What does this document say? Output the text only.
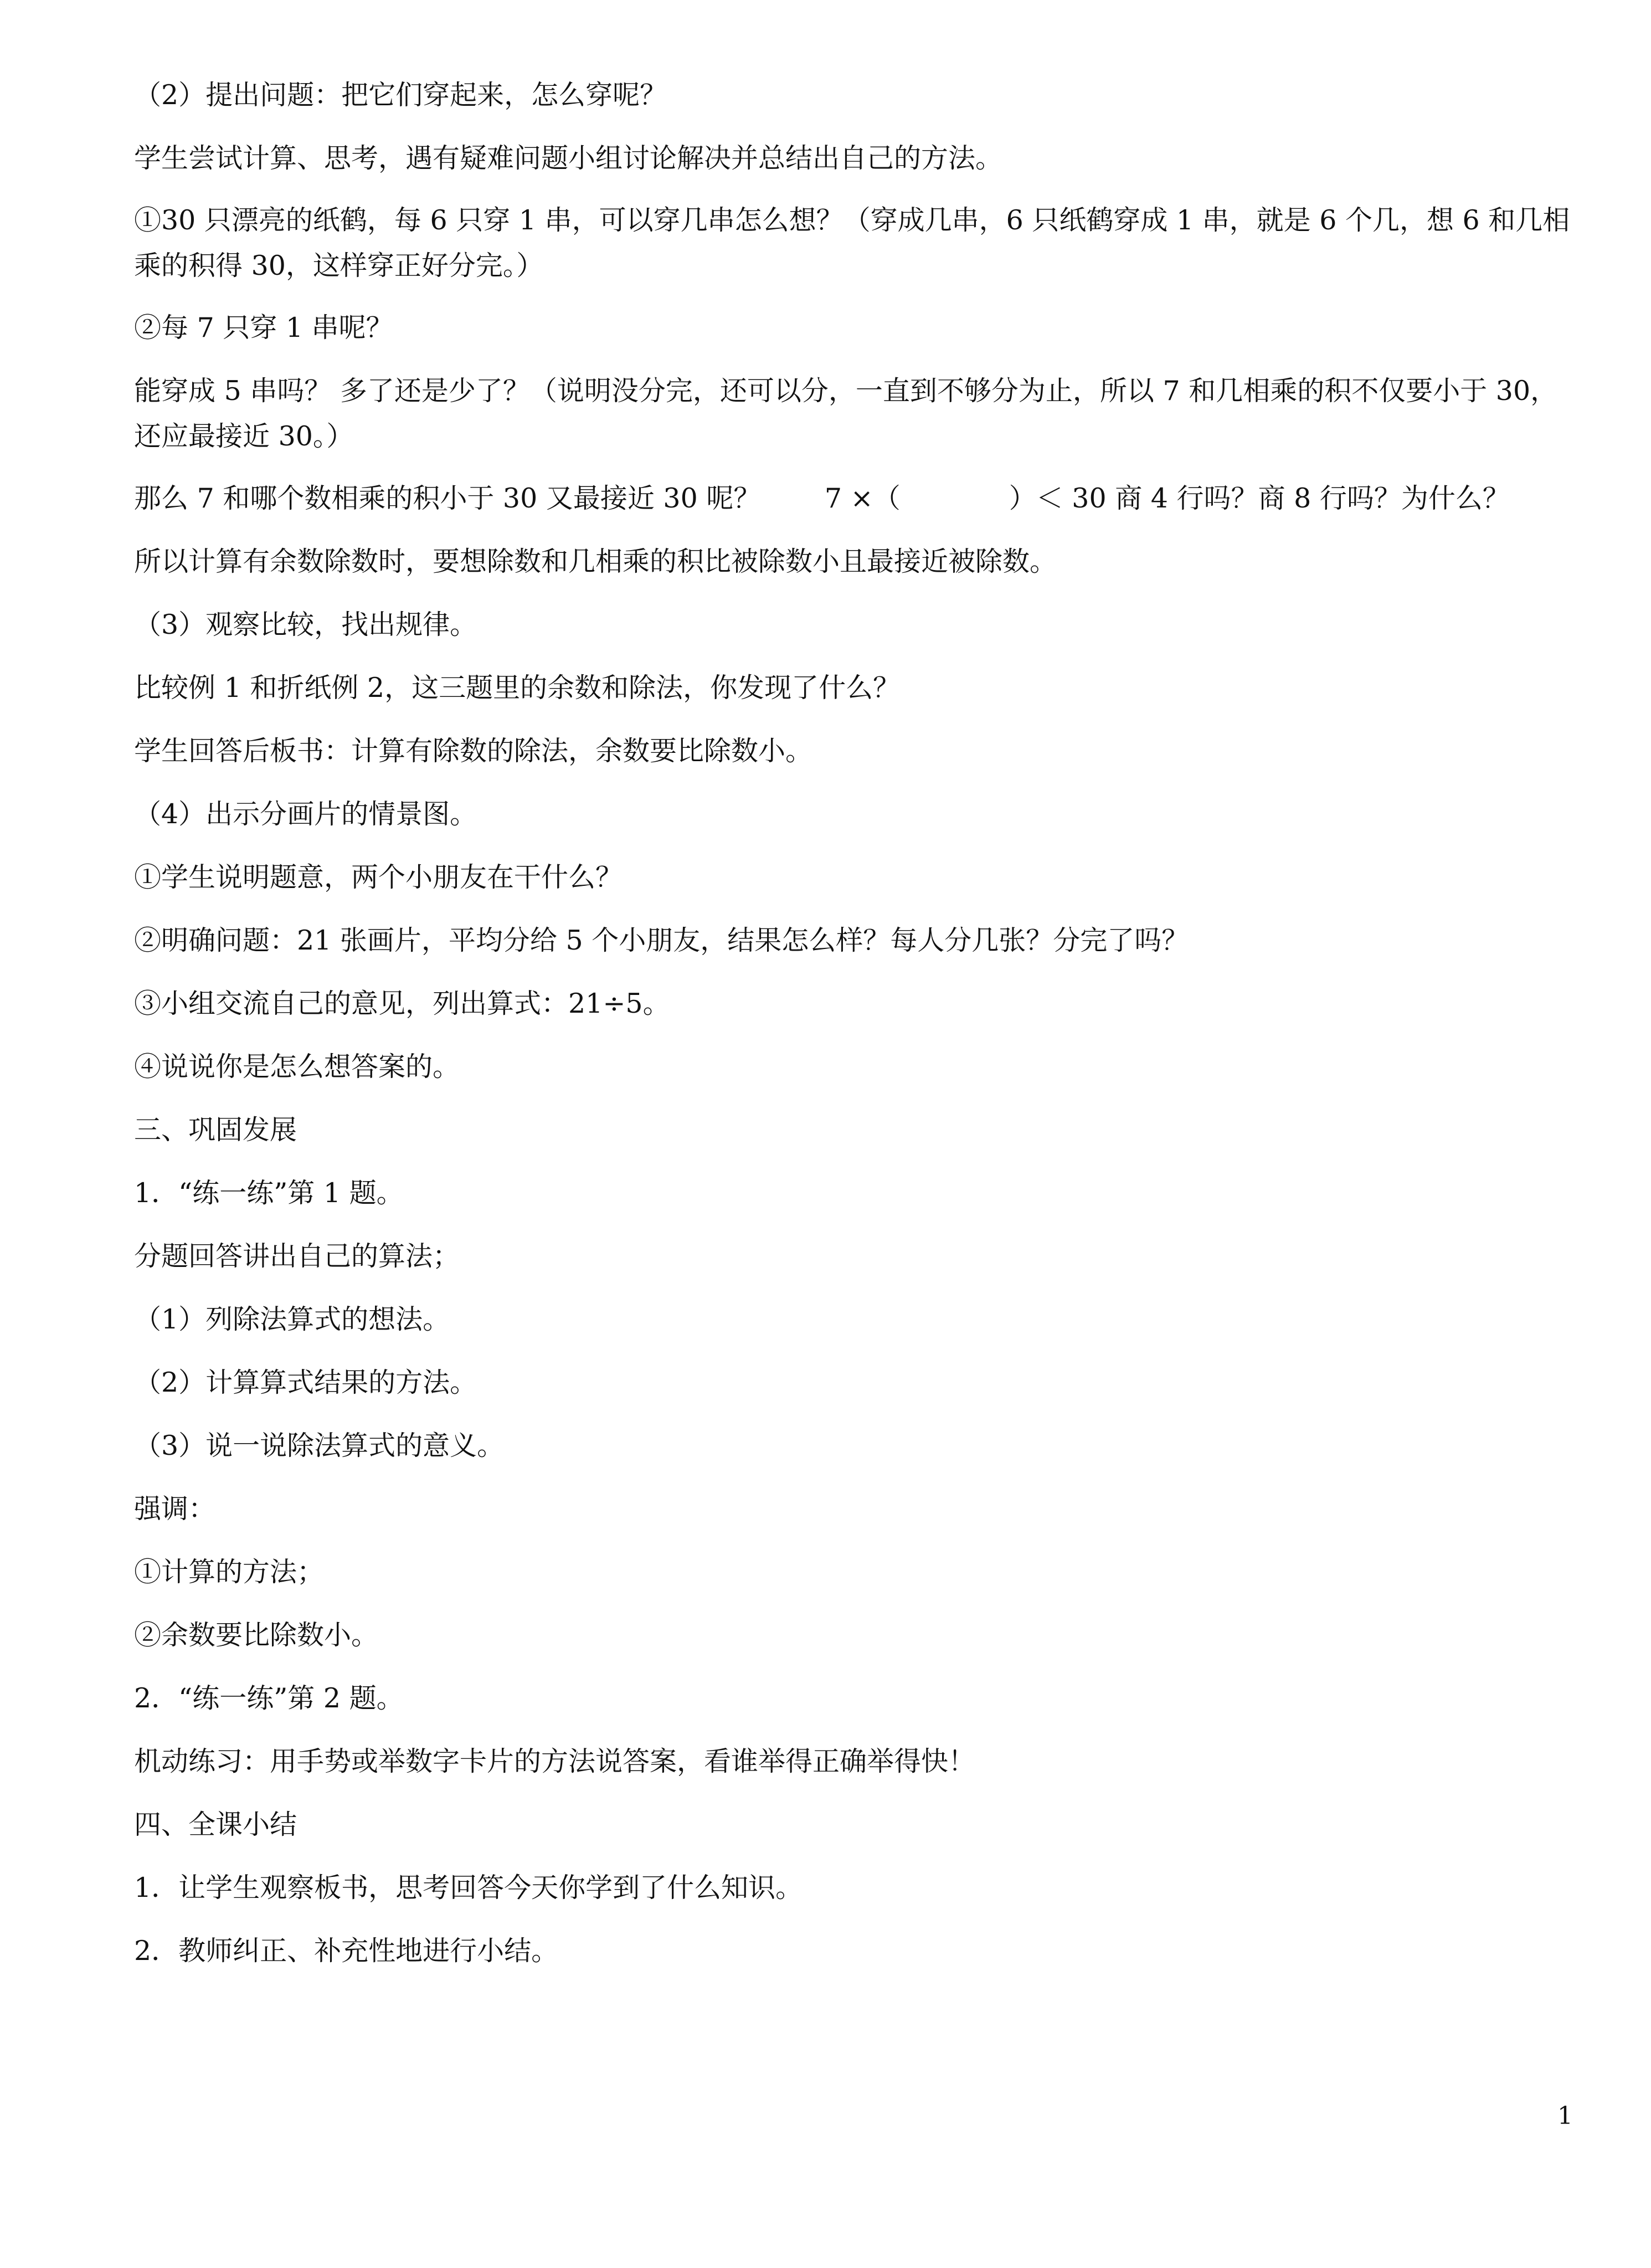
（2）提出问题：把它们穿起来，怎么穿呢？
学生尝试计算、思考，遇有疑难问题小组讨论解决并总结出自己的方法。
①30 只漂亮的纸鹤，每 6 只穿 1 串，可以穿几串怎么想？（穿成几串，6 只纸鹤穿成 1 串，就是 6 个几，想 6 和几相
乘的积得 30，这样穿正好分完。）
②每 7 只穿 1 串呢？
能穿成 5 串吗？ 多了还是少了？（说明没分完，还可以分，一直到不够分为止，所以 7 和几相乘的积不仅要小于 30，
还应最接近 30。）
那么 7 和哪个数相乘的积小于 30 又最接近 30 呢？ 7 ×（　　　　）＜ 30 商 4 行吗？商 8 行吗？为什么？
所以计算有余数除数时，要想除数和几相乘的积比被除数小且最接近被除数。
（3）观察比较，找出规律。
比较例 1 和折纸例 2，这三题里的余数和除法，你发现了什么？
学生回答后板书：计算有除数的除法，余数要比除数小。
（4）出示分画片的情景图。
①学生说明题意，两个小朋友在干什么？
②明确问题：21 张画片，平均分给 5 个小朋友，结果怎么样？每人分几张？分完了吗？
③小组交流自己的意见，列出算式：21÷5。
④说说你是怎么想答案的。
三、巩固发展
1．“练一练”第 1 题。
分题回答讲出自己的算法；
（1）列除法算式的想法。
（2）计算算式结果的方法。
（3）说一说除法算式的意义。
强调：
①计算的方法；
②余数要比除数小。
2．“练一练”第 2 题。
机动练习：用手势或举数字卡片的方法说答案，看谁举得正确举得快！
四、全课小结
1．让学生观察板书，思考回答今天你学到了什么知识。
2．教师纠正、补充性地进行小结。
1
